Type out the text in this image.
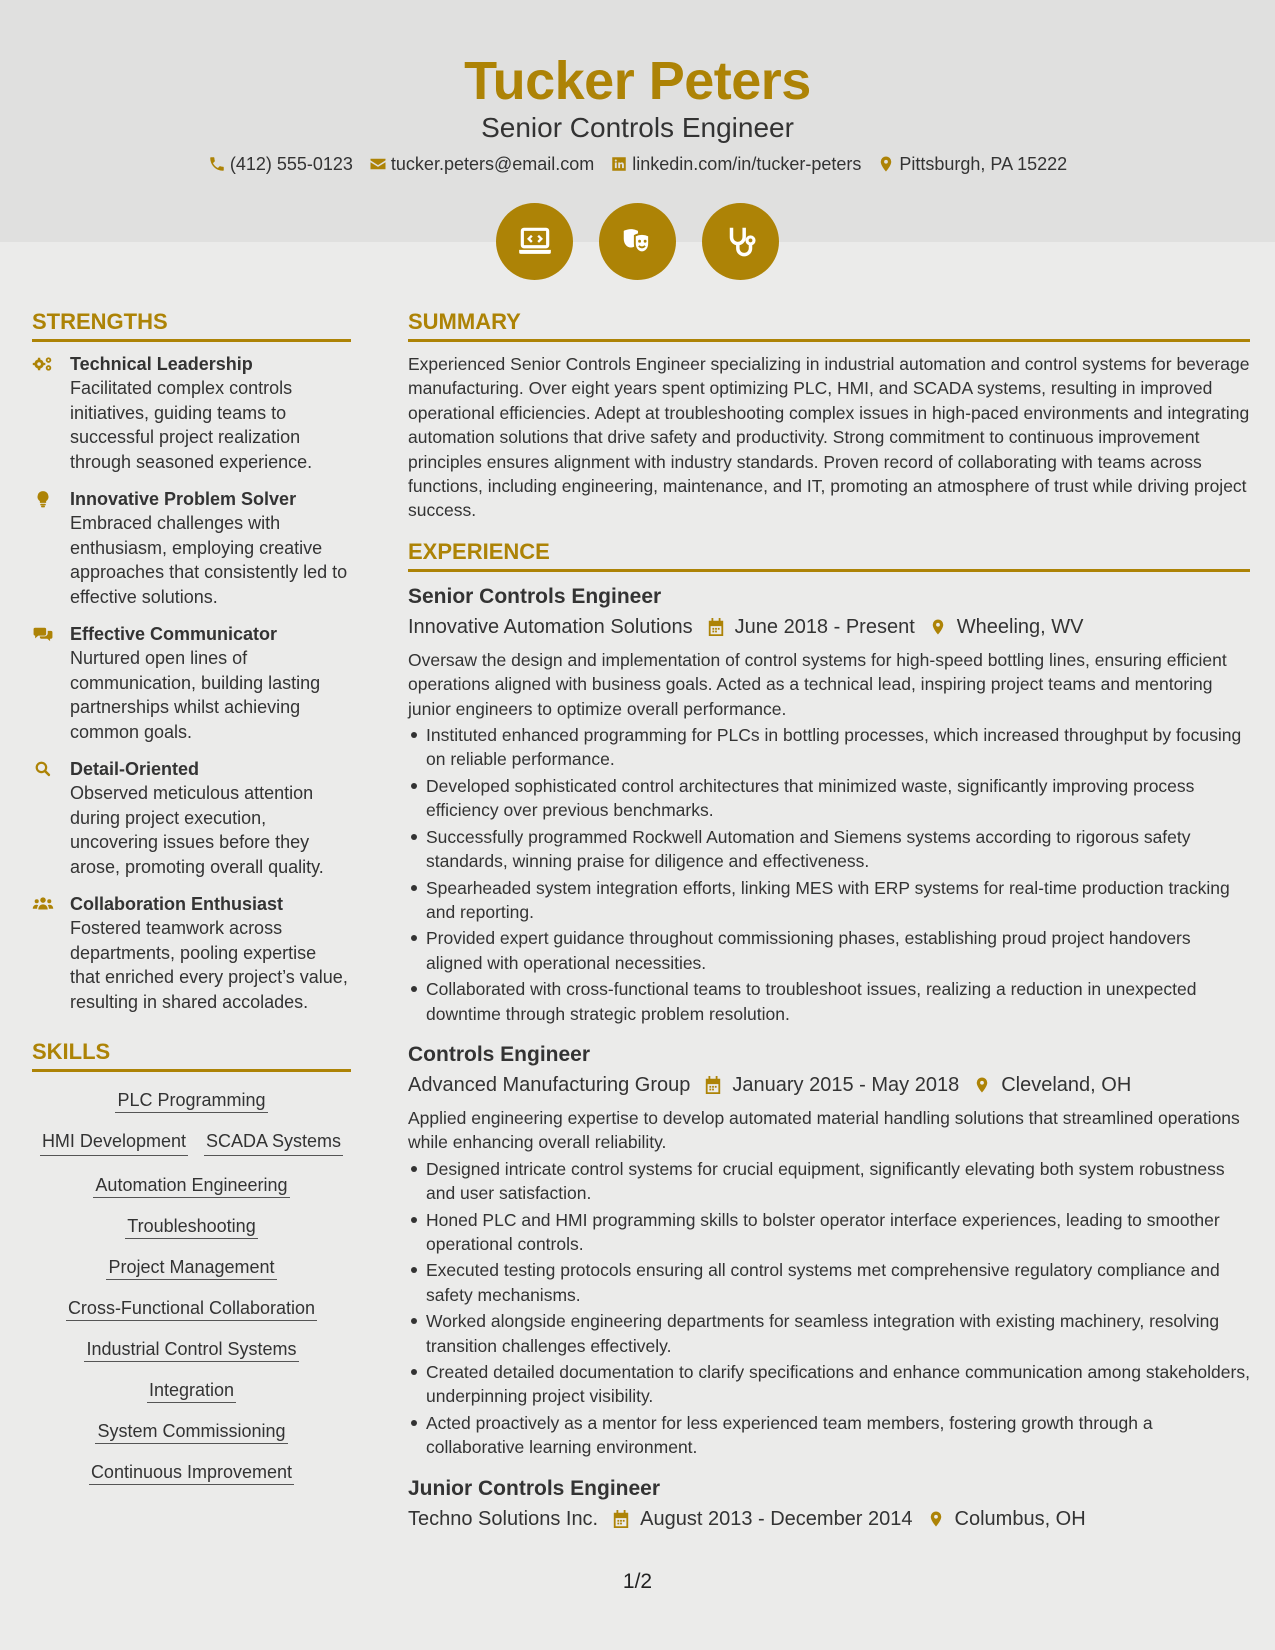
Tucker Peters
Senior Controls Engineer
(412) 555-0123 tucker.peters@email.com linkedin.com/in/tucker-peters Pittsburgh, PA 15222
STRENGTHS
Technical Leadership
Facilitated complex controls initiatives, guiding teams to successful project realization through seasoned experience.
Innovative Problem Solver
Embraced challenges with enthusiasm, employing creative approaches that consistently led to effective solutions.
Effective Communicator
Nurtured open lines of communication, building lasting partnerships whilst achieving common goals.
Detail-Oriented
Observed meticulous attention during project execution, uncovering issues before they arose, promoting overall quality.
Collaboration Enthusiast
Fostered teamwork across departments, pooling expertise that enriched every project’s value, resulting in shared accolades.
SKILLS
PLC Programming
HMI Development SCADA Systems
Automation Engineering
Troubleshooting
Project Management
Cross-Functional Collaboration
Industrial Control Systems
Integration
System Commissioning
Continuous Improvement
SUMMARY
Experienced Senior Controls Engineer specializing in industrial automation and control systems for beverage manufacturing. Over eight years spent optimizing PLC, HMI, and SCADA systems, resulting in improved operational efficiencies. Adept at troubleshooting complex issues in high-paced environments and integrating automation solutions that drive safety and productivity. Strong commitment to continuous improvement principles ensures alignment with industry standards. Proven record of collaborating with teams across functions, including engineering, maintenance, and IT, promoting an atmosphere of trust while driving project success.
EXPERIENCE
Senior Controls Engineer
Innovative Automation Solutions June 2018 - Present Wheeling, WV
Oversaw the design and implementation of control systems for high-speed bottling lines, ensuring efficient operations aligned with business goals. Acted as a technical lead, inspiring project teams and mentoring junior engineers to optimize overall performance.
Instituted enhanced programming for PLCs in bottling processes, which increased throughput by focusing on reliable performance.
Developed sophisticated control architectures that minimized waste, significantly improving process efficiency over previous benchmarks.
Successfully programmed Rockwell Automation and Siemens systems according to rigorous safety standards, winning praise for diligence and effectiveness.
Spearheaded system integration efforts, linking MES with ERP systems for real-time production tracking and reporting.
Provided expert guidance throughout commissioning phases, establishing proud project handovers aligned with operational necessities.
Collaborated with cross-functional teams to troubleshoot issues, realizing a reduction in unexpected downtime through strategic problem resolution.
Controls Engineer
Advanced Manufacturing Group January 2015 - May 2018 Cleveland, OH
Applied engineering expertise to develop automated material handling solutions that streamlined operations while enhancing overall reliability.
Designed intricate control systems for crucial equipment, significantly elevating both system robustness and user satisfaction.
Honed PLC and HMI programming skills to bolster operator interface experiences, leading to smoother operational controls.
Executed testing protocols ensuring all control systems met comprehensive regulatory compliance and safety mechanisms.
Worked alongside engineering departments for seamless integration with existing machinery, resolving transition challenges effectively.
Created detailed documentation to clarify specifications and enhance communication among stakeholders, underpinning project visibility.
Acted proactively as a mentor for less experienced team members, fostering growth through a collaborative learning environment.
Junior Controls Engineer
Techno Solutions Inc. August 2013 - December 2014 Columbus, OH
1/2
